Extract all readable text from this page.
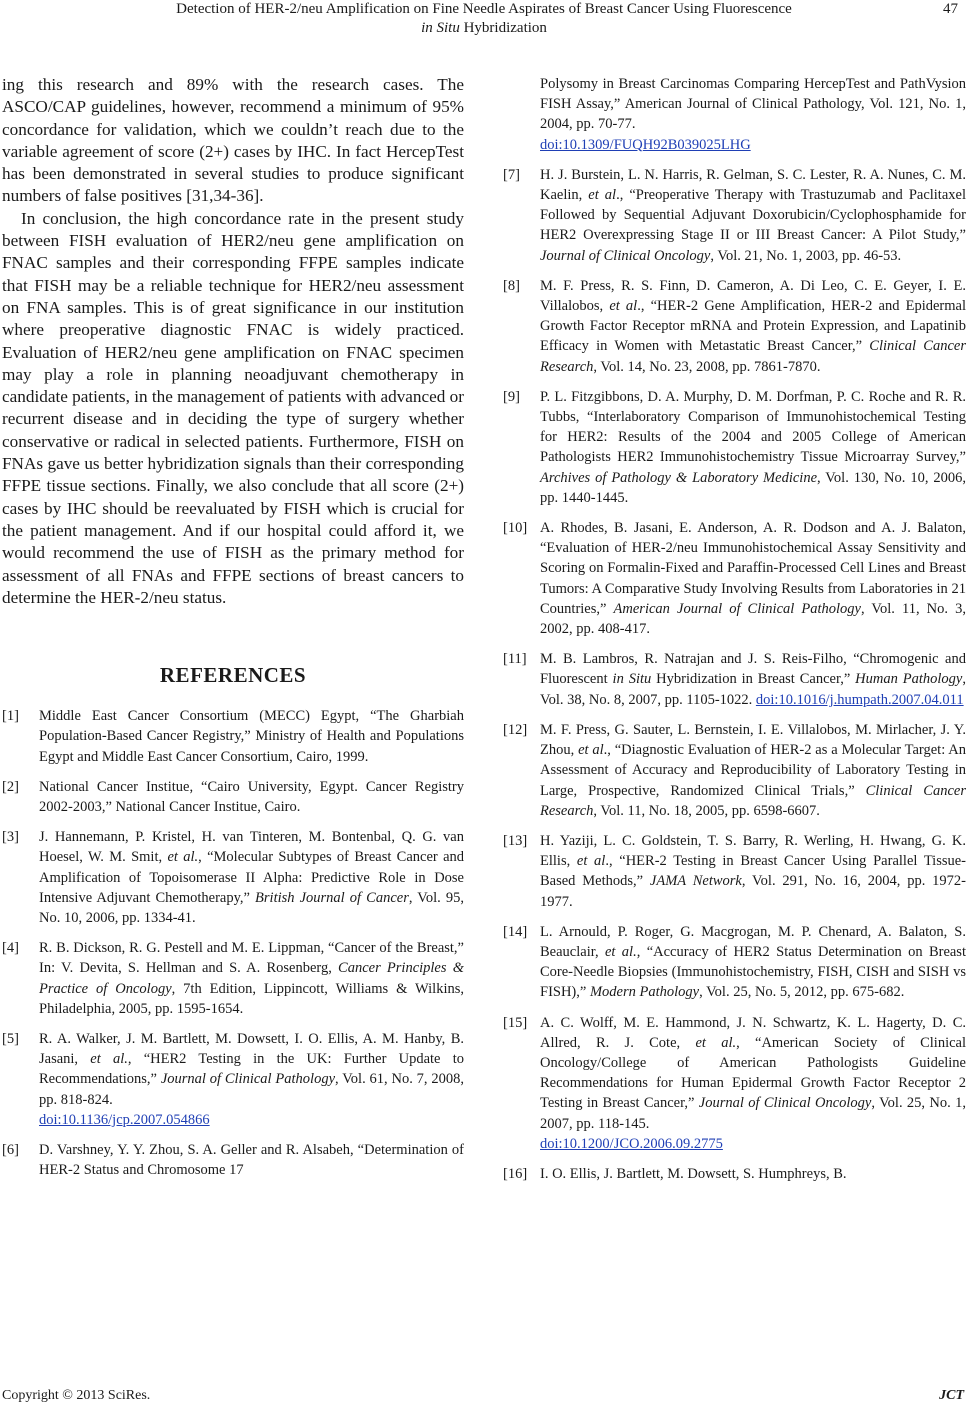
Detection of HER-2/neu Amplification on Fine Needle Aspirates of Breast Cancer Using Fluorescence
in Situ Hybridization
47

ing this research and 89% with the research cases. The ASCO/CAP guidelines, however, recommend a minimum of 95% concordance for validation, which we couldn’t reach due to the variable agreement of score (2+) cases by IHC. In fact HercepTest has been demonstrated in several studies to produce significant numbers of false positives [31,34-36].

In conclusion, the high concordance rate in the present study between FISH evaluation of HER2/neu gene amplification on FNAC samples and their corresponding FFPE samples indicate that FISH may be a reliable technique for HER2/neu assessment on FNA samples. This is of great significance in our institution where preoperative diagnostic FNAC is widely practiced. Evaluation of HER2/neu gene amplification on FNAC specimen may play a role in planning neoadjuvant chemotherapy in candidate patients, in the management of patients with advanced or recurrent disease and in deciding the type of surgery whether conservative or radical in selected patients. Furthermore, FISH on FNAs gave us better hybridization signals than their corresponding FFPE tissue sections. Finally, we also conclude that all score (2+) cases by IHC should be reevaluated by FISH which is crucial for the patient management. And if our hospital could afford it, we would recommend the use of FISH as the primary method for assessment of all FNAs and FFPE sections of breast cancers to determine the HER-2/neu status.

REFERENCES
[1] Middle East Cancer Consortium (MECC) Egypt, “The Gharbiah Population-Based Cancer Registry,” Ministry of Health and Populations Egypt and Middle East Cancer Consortium, Cairo, 1999.
[2] National Cancer Institue, “Cairo University, Egypt. Cancer Registry 2002-2003,” National Cancer Institue, Cairo.
[3] J. Hannemann, P. Kristel, H. van Tinteren, M. Bontenbal, Q. G. van Hoesel, W. M. Smit, et al., “Molecular Subtypes of Breast Cancer and Amplification of Topoisomerase II Alpha: Predictive Role in Dose Intensive Adjuvant Chemotherapy,” British Journal of Cancer, Vol. 95, No. 10, 2006, pp. 1334-41.
[4] R. B. Dickson, R. G. Pestell and M. E. Lippman, “Cancer of the Breast,” In: V. Devita, S. Hellman and S. A. Rosenberg, Cancer Principles & Practice of Oncology, 7th Edition, Lippincott, Williams & Wilkins, Philadelphia, 2005, pp. 1595-1654.
[5] R. A. Walker, J. M. Bartlett, M. Dowsett, I. O. Ellis, A. M. Hanby, B. Jasani, et al., “HER2 Testing in the UK: Further Update to Recommendations,” Journal of Clinical Pathology, Vol. 61, No. 7, 2008, pp. 818-824.
doi:10.1136/jcp.2007.054866
[6] D. Varshney, Y. Y. Zhou, S. A. Geller and R. Alsabeh, “Determination of HER-2 Status and Chromosome 17
Polysomy in Breast Carcinomas Comparing HercepTest and PathVysion FISH Assay,” American Journal of Clinical Pathology, Vol. 121, No. 1, 2004, pp. 70-77.
doi:10.1309/FUQH92B039025LHG
[7] H. J. Burstein, L. N. Harris, R. Gelman, S. C. Lester, R. A. Nunes, C. M. Kaelin, et al., “Preoperative Therapy with Trastuzumab and Paclitaxel Followed by Sequential Adjuvant Doxorubicin/Cyclophosphamide for HER2 Overexpressing Stage II or III Breast Cancer: A Pilot Study,” Journal of Clinical Oncology, Vol. 21, No. 1, 2003, pp. 46-53.
[8] M. F. Press, R. S. Finn, D. Cameron, A. Di Leo, C. E. Geyer, I. E. Villalobos, et al., “HER-2 Gene Amplification, HER-2 and Epidermal Growth Factor Receptor mRNA and Protein Expression, and Lapatinib Efficacy in Women with Metastatic Breast Cancer,” Clinical Cancer Research, Vol. 14, No. 23, 2008, pp. 7861-7870.
[9] P. L. Fitzgibbons, D. A. Murphy, D. M. Dorfman, P. C. Roche and R. R. Tubbs, “Interlaboratory Comparison of Immunohistochemical Testing for HER2: Results of the 2004 and 2005 College of American Pathologists HER2 Immunohistochemistry Tissue Microarray Survey,” Archives of Pathology & Laboratory Medicine, Vol. 130, No. 10, 2006, pp. 1440-1445.
[10] A. Rhodes, B. Jasani, E. Anderson, A. R. Dodson and A. J. Balaton, “Evaluation of HER-2/neu Immunohistochemical Assay Sensitivity and Scoring on Formalin-Fixed and Paraffin-Processed Cell Lines and Breast Tumors: A Comparative Study Involving Results from Laboratories in 21 Countries,” American Journal of Clinical Pathology, Vol. 11, No. 3, 2002, pp. 408-417.
[11] M. B. Lambros, R. Natrajan and J. S. Reis-Filho, “Chromogenic and Fluorescent in Situ Hybridization in Breast Cancer,” Human Pathology, Vol. 38, No. 8, 2007, pp. 1105-1022. doi:10.1016/j.humpath.2007.04.011
[12] M. F. Press, G. Sauter, L. Bernstein, I. E. Villalobos, M. Mirlacher, J. Y. Zhou, et al., “Diagnostic Evaluation of HER-2 as a Molecular Target: An Assessment of Accuracy and Reproducibility of Laboratory Testing in Large, Prospective, Randomized Clinical Trials,” Clinical Cancer Research, Vol. 11, No. 18, 2005, pp. 6598-6607.
[13] H. Yaziji, L. C. Goldstein, T. S. Barry, R. Werling, H. Hwang, G. K. Ellis, et al., “HER-2 Testing in Breast Cancer Using Parallel Tissue-Based Methods,” JAMA Network, Vol. 291, No. 16, 2004, pp. 1972-1977.
[14] L. Arnould, P. Roger, G. Macgrogan, M. P. Chenard, A. Balaton, S. Beauclair, et al., “Accuracy of HER2 Status Determination on Breast Core-Needle Biopsies (Immunohistochemistry, FISH, CISH and SISH vs FISH),” Modern Pathology, Vol. 25, No. 5, 2012, pp. 675-682.
[15] A. C. Wolff, M. E. Hammond, J. N. Schwartz, K. L. Hagerty, D. C. Allred, R. J. Cote, et al., “American Society of Clinical Oncology/College of American Pathologists Guideline Recommendations for Human Epidermal Growth Factor Receptor 2 Testing in Breast Cancer,” Journal of Clinical Oncology, Vol. 25, No. 1, 2007, pp. 118-145.
doi:10.1200/JCO.2006.09.2775
[16] I. O. Ellis, J. Bartlett, M. Dowsett, S. Humphreys, B.
Copyright © 2013 SciRes.	JCT
